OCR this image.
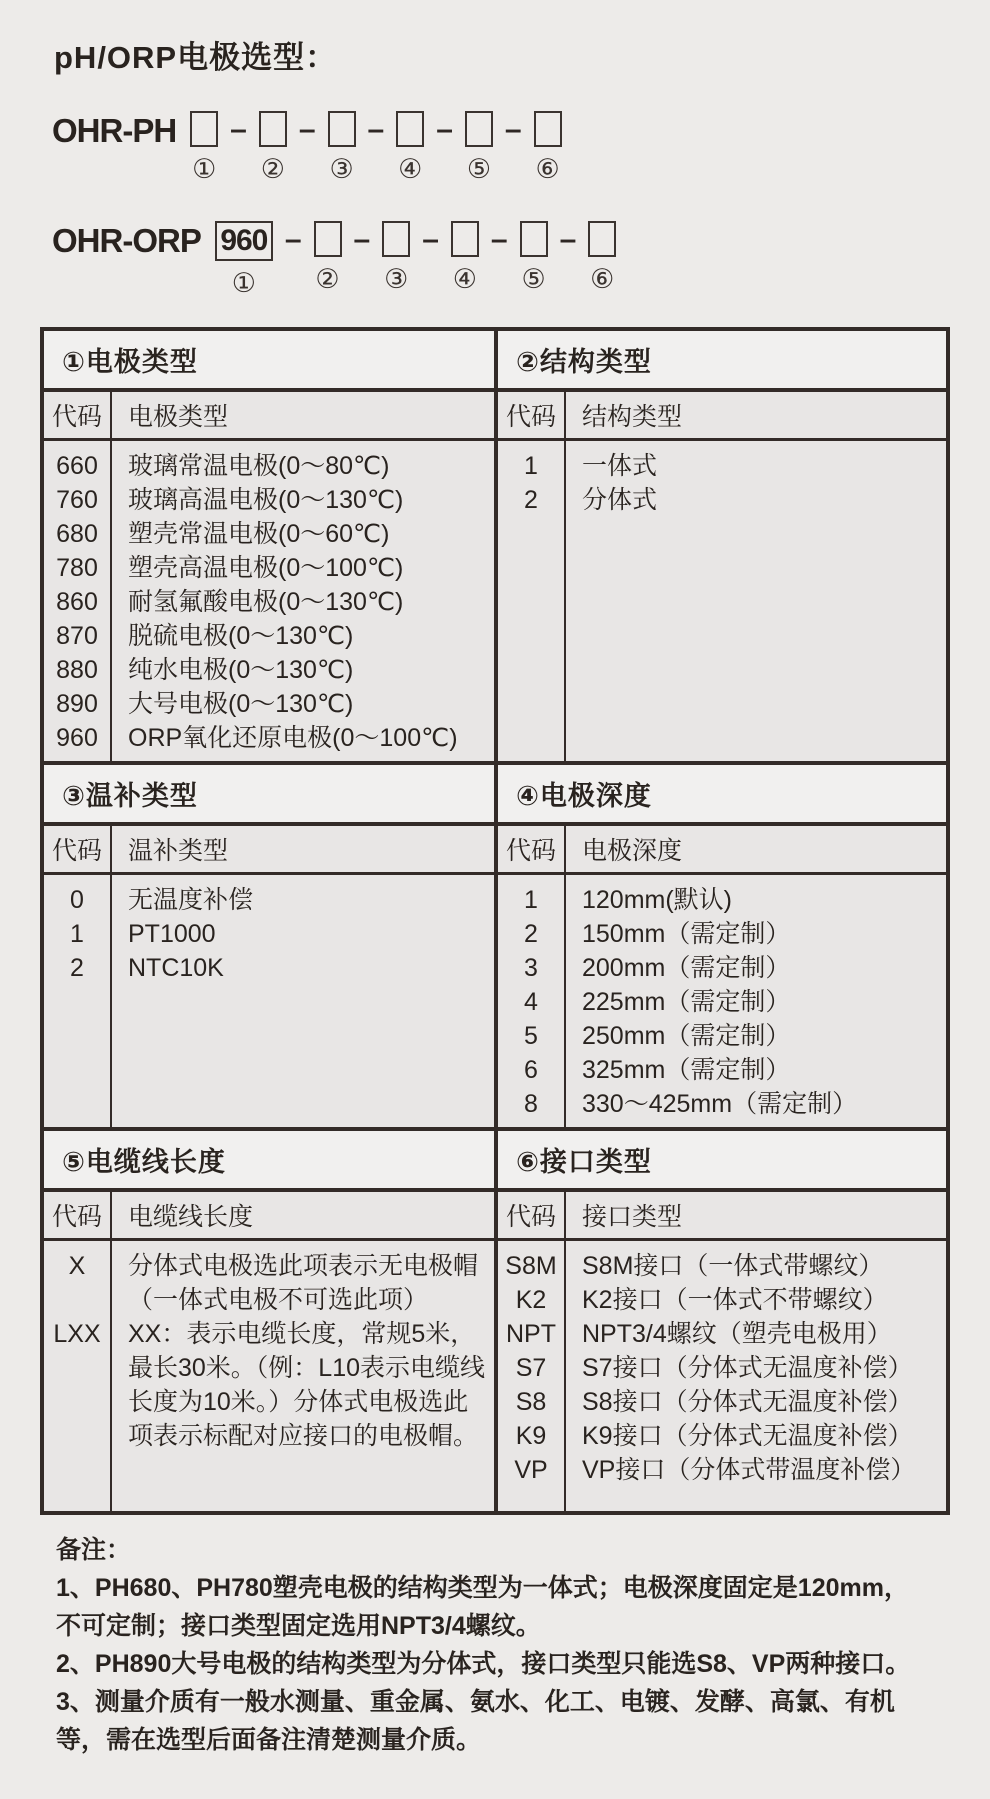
pH/ORP电极选型：
OHR-PH
①
–
②
–
③
–
④
–
⑤
–
⑥
OHR-ORP 960
①
–
②
–
③
–
④
–
⑤
–
⑥
①电极类型
代码	电极类型
660	玻璃常温电极(0～80℃)
760	玻璃高温电极(0～130℃)
680	塑壳常温电极(0～60℃)
780	塑壳高温电极(0～100℃)
860	耐氢氟酸电极(0～130℃)
870	脱硫电极(0～130℃)
880	纯水电极(0～130℃)
890	大号电极(0～130℃)
960	ORP氧化还原电极(0～100℃)
②结构类型
代码	结构类型
1	一体式
2	分体式
③温补类型
代码	温补类型
0	无温度补偿
1	PT1000
2	NTC10K
④电极深度
代码	电极深度
1	120mm(默认)
2	150mm（需定制）
3	200mm（需定制）
4	225mm（需定制）
5	250mm（需定制）
6	325mm（需定制）
8	330～425mm（需定制）
⑤电缆线长度
代码	电缆线长度
X	分体式电极选此项表示无电极帽（一体式电极不可选此项）
LXX	XX：表示电缆长度，常规5米，最长30米。（例：L10表示电缆线长度为10米。）分体式电极选此项表示标配对应接口的电极帽。
⑥接口类型
代码	接口类型
S8M	S8M接口（一体式带螺纹）
K2	K2接口（一体式不带螺纹）
NPT	NPT3/4螺纹（塑壳电极用）
S7	S7接口（分体式无温度补偿）
S8	S8接口（分体式无温度补偿）
K9	K9接口（分体式无温度补偿）
VP	VP接口（分体式带温度补偿）
备注：
1、PH680、PH780塑壳电极的结构类型为一体式；电极深度固定是120mm，不可定制；接口类型固定选用NPT3/4螺纹。
2、PH890大号电极的结构类型为分体式，接口类型只能选S8、VP两种接口。
3、测量介质有一般水测量、重金属、氨水、化工、电镀、发酵、高氯、有机等，需在选型后面备注清楚测量介质。
